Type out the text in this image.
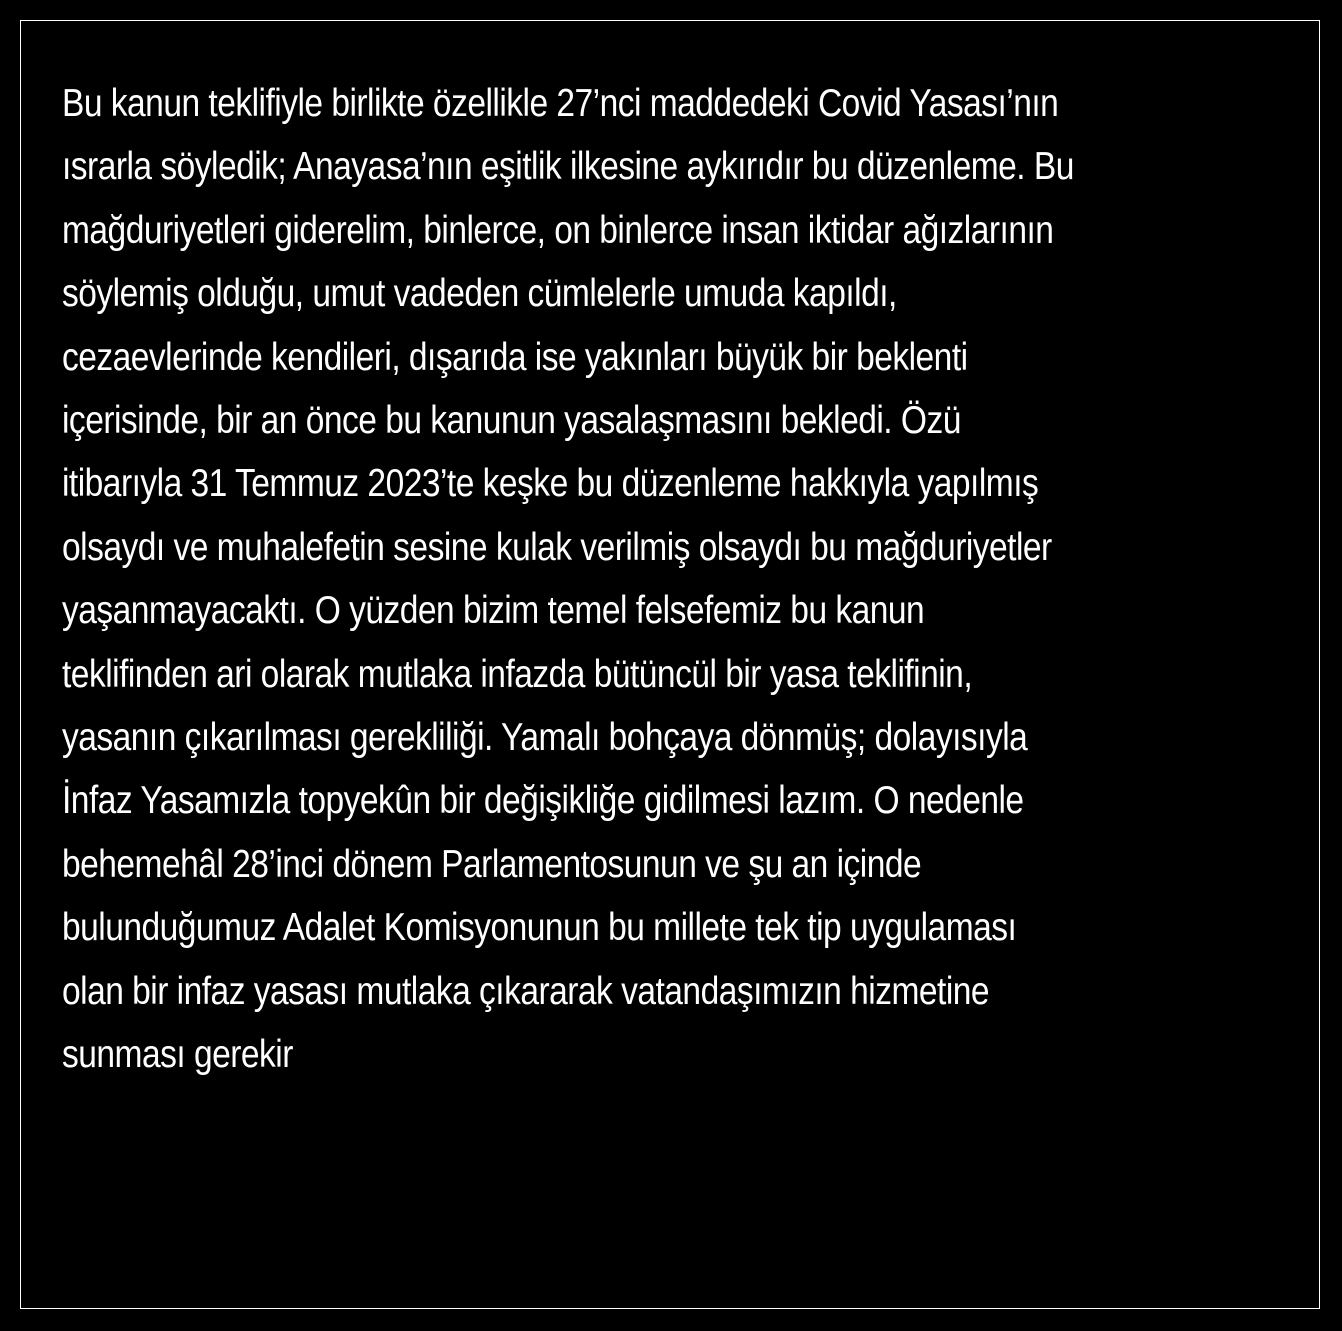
Bu kanun teklifiyle birlikte özellikle 27’nci maddedeki Covid Yasası’nın
ısrarla söyledik; Anayasa’nın eşitlik ilkesine aykırıdır bu düzenleme. Bu
mağduriyetleri giderelim, binlerce, on binlerce insan iktidar ağızlarının
söylemiş olduğu, umut vadeden cümlelerle umuda kapıldı,
cezaevlerinde kendileri, dışarıda ise yakınları büyük bir beklenti
içerisinde, bir an önce bu kanunun yasalaşmasını bekledi. Özü
itibarıyla 31 Temmuz 2023’te keşke bu düzenleme hakkıyla yapılmış
olsaydı ve muhalefetin sesine kulak verilmiş olsaydı bu mağduriyetler
yaşanmayacaktı. O yüzden bizim temel felsefemiz bu kanun
teklifinden ari olarak mutlaka infazda bütüncül bir yasa teklifinin,
yasanın çıkarılması gerekliliği. Yamalı bohçaya dönmüş; dolayısıyla
İnfaz Yasamızla topyekûn bir değişikliğe gidilmesi lazım. O nedenle
behemehâl 28’inci dönem Parlamentosunun ve şu an içinde
bulunduğumuz Adalet Komisyonunun bu millete tek tip uygulaması
olan bir infaz yasası mutlaka çıkararak vatandaşımızın hizmetine
sunması gerekir
